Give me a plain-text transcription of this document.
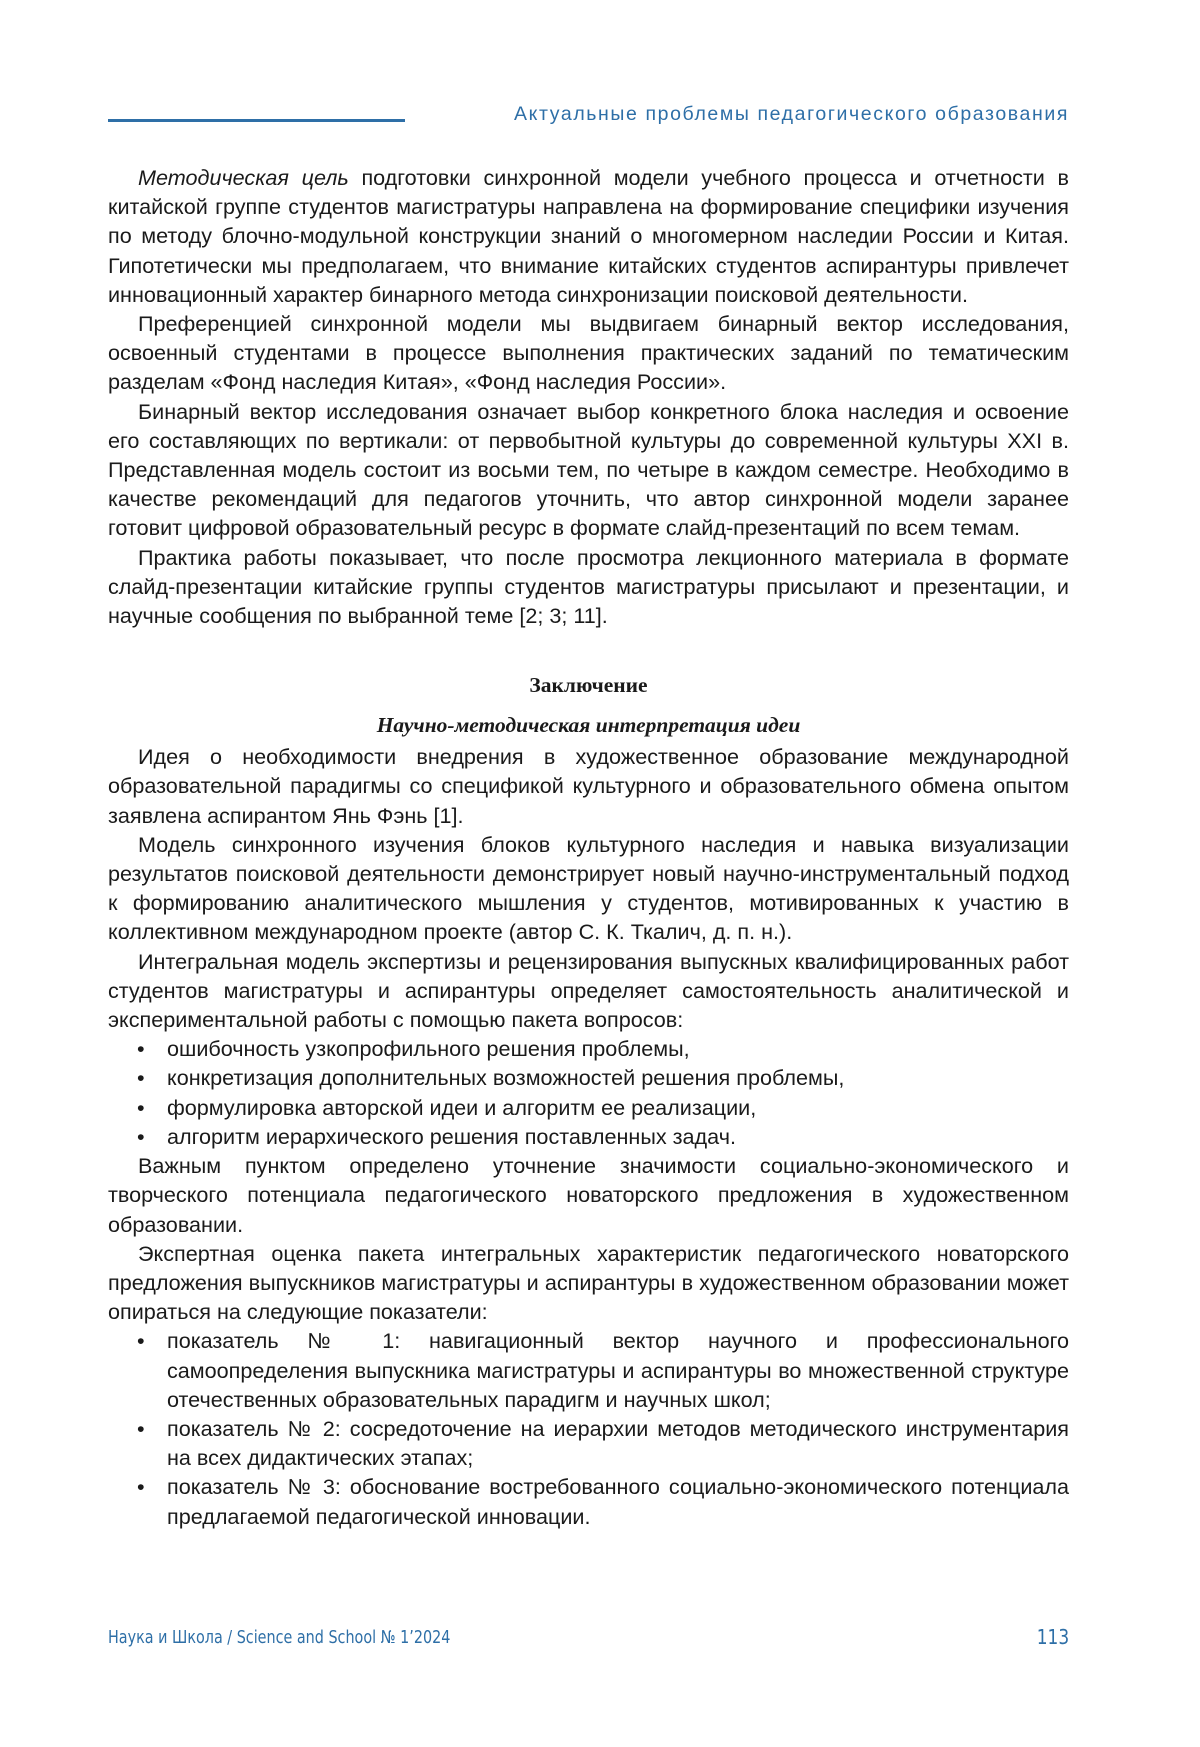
Актуальные проблемы педагогического образования

Методическая цель подготовки синхронной модели учебного процесса и отчетности в китайской группе студентов магистратуры направлена на формирование специфики изучения по методу блочно-модульной конструкции знаний о многомерном наследии России и Китая. Гипотетически мы предполагаем, что внимание китайских студентов аспирантуры привлечет инновационный характер бинарного метода синхронизации поисковой деятельности.

Преференцией синхронной модели мы выдвигаем бинарный вектор исследования, освоенный студентами в процессе выполнения практических заданий по тематическим разделам «Фонд наследия Китая», «Фонд наследия России».

Бинарный вектор исследования означает выбор конкретного блока наследия и освоение его составляющих по вертикали: от первобытной культуры до современной культуры XXI в. Представленная модель состоит из восьми тем, по четыре в каждом семестре. Необходимо в качестве рекомендаций для педагогов уточнить, что автор синхронной модели заранее готовит цифровой образовательный ресурс в формате слайд-презентаций по всем темам.

Практика работы показывает, что после просмотра лекционного материала в формате слайд-презентации китайские группы студентов магистратуры присылают и презентации, и научные сообщения по выбранной теме [2; 3; 11].

Заключение
Научно-методическая интерпретация идеи

Идея о необходимости внедрения в художественное образование международной образовательной парадигмы со спецификой культурного и образовательного обмена опытом заявлена аспирантом Янь Фэнь [1].

Модель синхронного изучения блоков культурного наследия и навыка визуализации результатов поисковой деятельности демонстрирует новый научно-инструментальный подход к формированию аналитического мышления у студентов, мотивированных к участию в коллективном международном проекте (автор С. К. Ткалич, д. п. н.).

Интегральная модель экспертизы и рецензирования выпускных квалифицированных работ студентов магистратуры и аспирантуры определяет самостоятельность аналитической и экспериментальной работы с помощью пакета вопросов:

• ошибочность узкопрофильного решения проблемы,
• конкретизация дополнительных возможностей решения проблемы,
• формулировка авторской идеи и алгоритм ее реализации,
• алгоритм иерархического решения поставленных задач.

Важным пунктом определено уточнение значимости социально-экономического и творческого потенциала педагогического новаторского предложения в художественном образовании.

Экспертная оценка пакета интегральных характеристик педагогического новаторского предложения выпускников магистратуры и аспирантуры в художественном образовании может опираться на следующие показатели:

• показатель № 1: навигационный вектор научного и профессионального самоопределения выпускника магистратуры и аспирантуры во множественной структуре отечественных образовательных парадигм и научных школ;
• показатель № 2: сосредоточение на иерархии методов методического инструментария на всех дидактических этапах;
• показатель № 3: обоснование востребованного социально-экономического потенциала предлагаемой педагогической инновации.
Наука и Школа / Science and School № 1’2024	113
